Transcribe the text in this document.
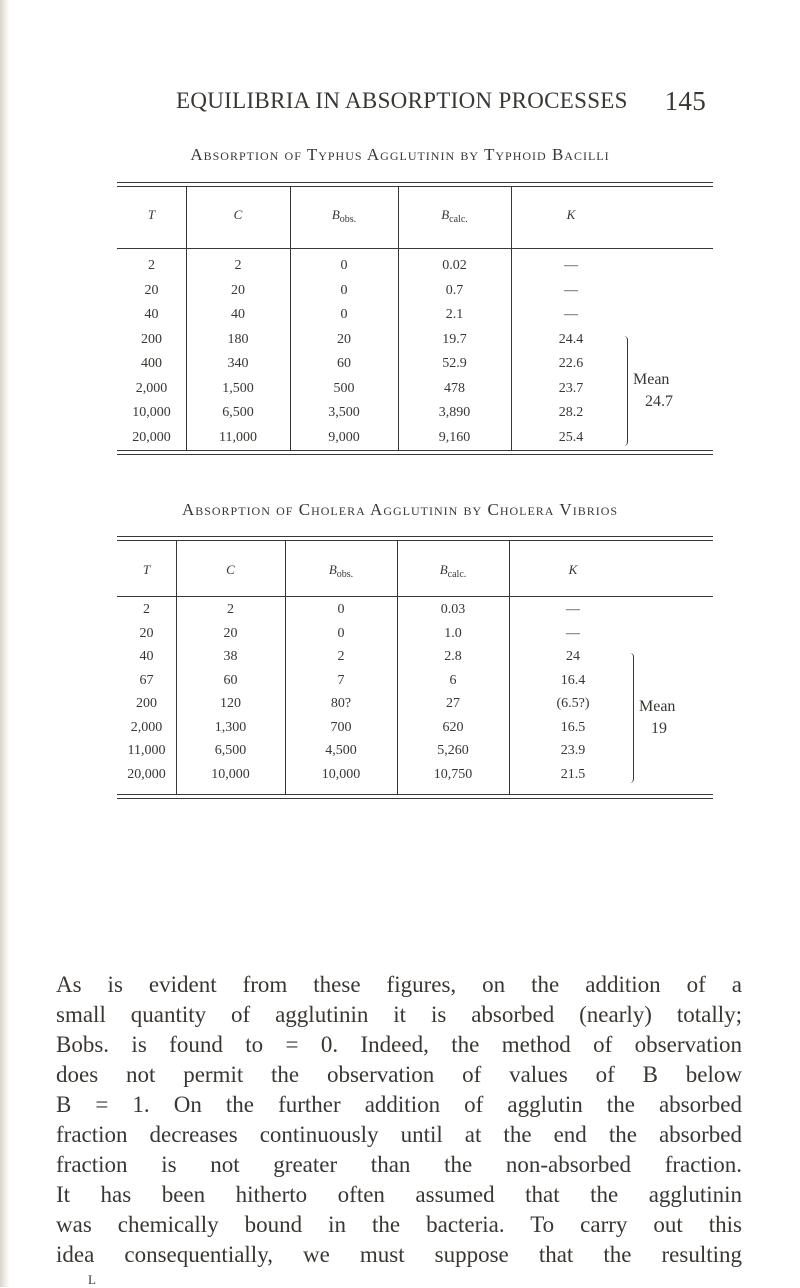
EQUILIBRIA IN ABSORPTION PROCESSES 145
Absorption of Typhus Agglutinin by Typhoid Bacilli
T
2
20
40
200
400
2,000
10,000
20,000
C
2
20
40
180
340
1,500
6,500
11,000
$B_{obs.}$
0
0
0
20
60
500
3,500
9,000
$B_{calc.}$
0.02
0.7
2.1
19.7
52.9
478
3,890
9,160
K
—
—
—
24.4
22.6
23.7
28.2
25.4
Mean
24.7
Absorption of Cholera Agglutinin by Cholera Vibrios
T
2
20
40
67
200
2,000
11,000
20,000
C
2
20
38
60
120
1,300
6,500
10,000
$B_{obs.}$
0
0
2
7
80?
700
4,500
10,000
$B_{calc.}$
0.03
1.0
2.8
6
27
620
5,260
10,750
K
—
—
24
16.4
(6.5?)
16.5
23.9
21.5
Mean
19
As is evident from these figures, on the addition of a
small quantity of agglutinin it is absorbed (nearly) totally;
Bobs. is found to = 0. Indeed, the method of observation
does not permit the observation of values of B below
B = 1. On the further addition of agglutin the absorbed
fraction decreases continuously until at the end the absorbed
fraction is not greater than the non-absorbed fraction.
It has been hitherto often assumed that the agglutinin
was chemically bound in the bacteria. To carry out this
idea consequentially, we must suppose that the resulting
L
